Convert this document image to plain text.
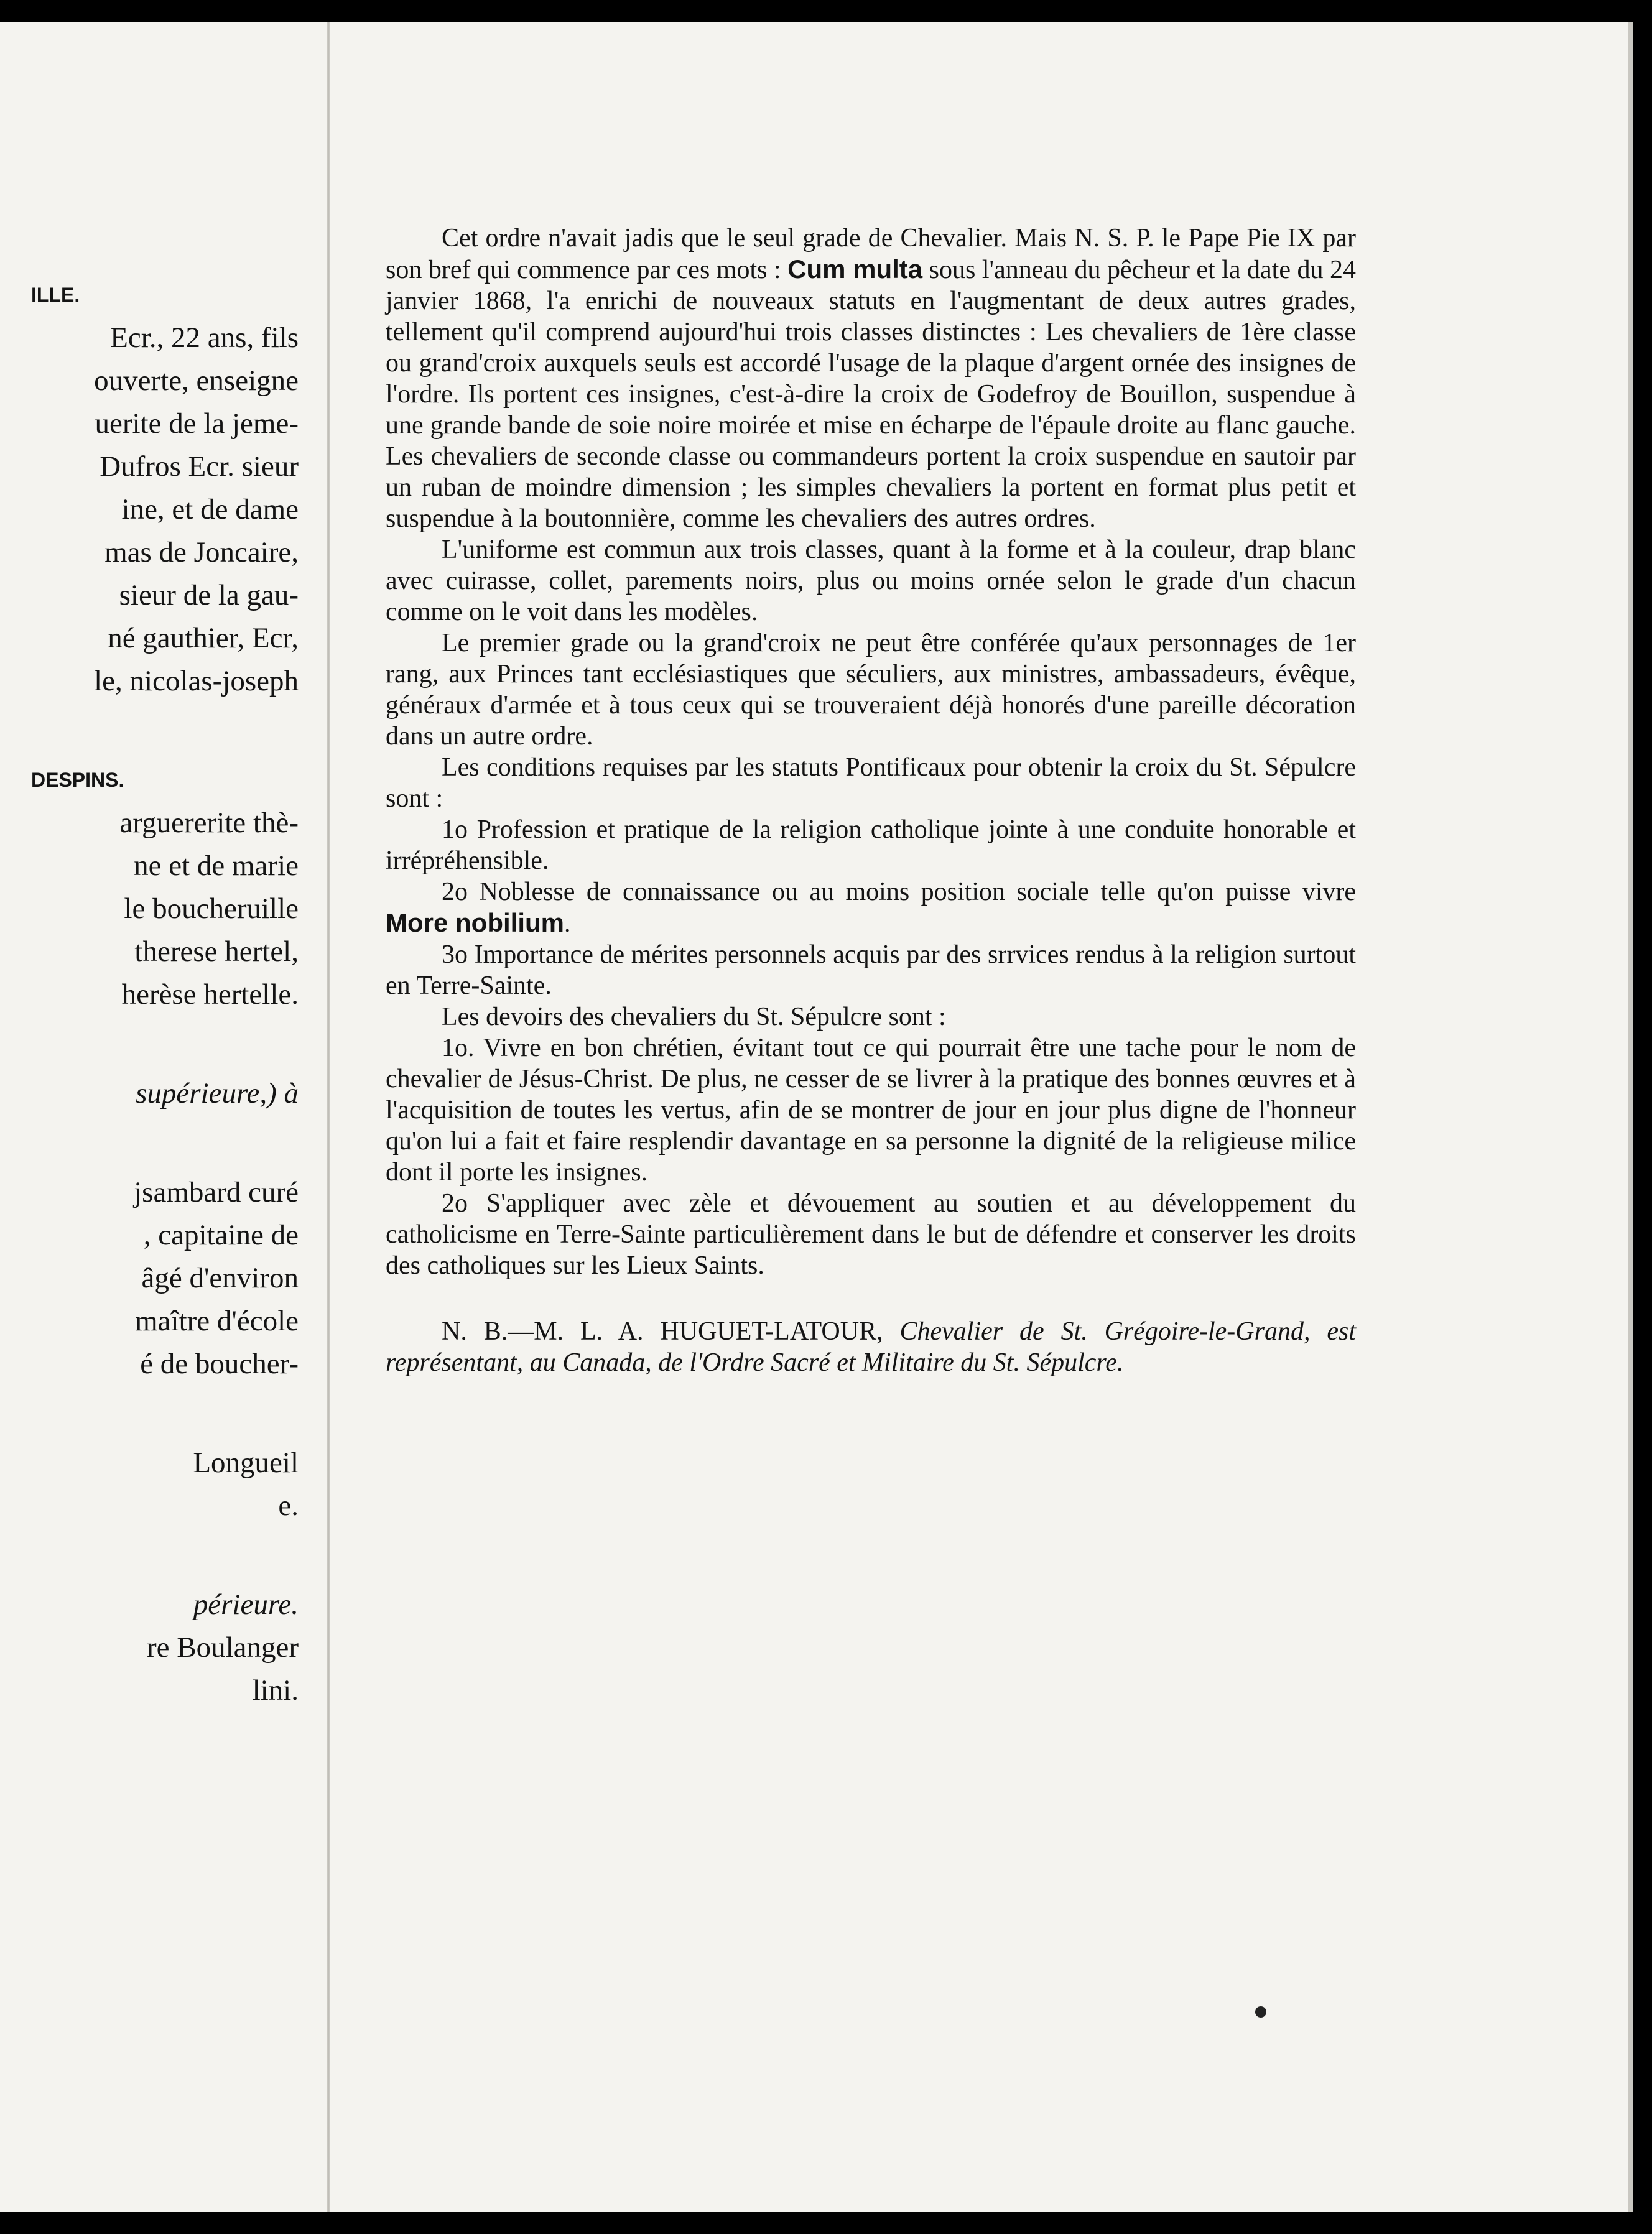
ILLE.
Ecr., 22 ans, fils
ouverte, enseigne
uerite de la jeme-
Dufros Ecr. sieur
ine, et de dame
mas de Joncaire,
sieur de la gau-
né gauthier, Ecr,
le, nicolas-joseph
DESPINS.
arguererite thè-
ne et de marie
le boucheruille
therese hertel,
herèse hertelle.
supérieure,) à
jsambard curé
, capitaine de
âgé d'environ
maître d'école
é de boucher-
Longueil
e.
périeure.
re Boulanger
lini.

Cet ordre n'avait jadis que le seul grade de Chevalier. Mais N. S. P. le Pape Pie IX par son bref qui commence par ces mots : Cum multa sous l'anneau du pêcheur et la date du 24 janvier 1868, l'a enrichi de nouveaux statuts en l'augmentant de deux autres grades, tellement qu'il comprend aujourd'hui trois classes distinctes : Les chevaliers de 1ère classe ou grand'croix auxquels seuls est accordé l'usage de la plaque d'argent ornée des insignes de l'ordre. Ils portent ces insignes, c'est-à-dire la croix de Godefroy de Bouillon, suspendue à une grande bande de soie noire moirée et mise en écharpe de l'épaule droite au flanc gauche. Les chevaliers de seconde classe ou commandeurs portent la croix suspendue en sautoir par un ruban de moindre dimension ; les simples chevaliers la portent en format plus petit et suspendue à la boutonnière, comme les chevaliers des autres ordres.

L'uniforme est commun aux trois classes, quant à la forme et à la couleur, drap blanc avec cuirasse, collet, parements noirs, plus ou moins ornée selon le grade d'un chacun comme on le voit dans les modèles.

Le premier grade ou la grand'croix ne peut être conférée qu'aux personnages de 1er rang, aux Princes tant ecclésiastiques que séculiers, aux ministres, ambassadeurs, évêque, généraux d'armée et à tous ceux qui se trouveraient déjà honorés d'une pareille décoration dans un autre ordre.

Les conditions requises par les statuts Pontificaux pour obtenir la croix du St. Sépulcre sont :

1o Profession et pratique de la religion catholique jointe à une conduite honorable et irrépréhensible.

2o Noblesse de connaissance ou au moins position sociale telle qu'on puisse vivre More nobilium.

3o Importance de mérites personnels acquis par des srrvices rendus à la religion surtout en Terre-Sainte.

Les devoirs des chevaliers du St. Sépulcre sont :

1o. Vivre en bon chrétien, évitant tout ce qui pourrait être une tache pour le nom de chevalier de Jésus-Christ. De plus, ne cesser de se livrer à la pratique des bonnes œuvres et à l'acquisition de toutes les vertus, afin de se montrer de jour en jour plus digne de l'honneur qu'on lui a fait et faire resplendir davantage en sa personne la dignité de la religieuse milice dont il porte les insignes.

2o S'appliquer avec zèle et dévouement au soutien et au développement du catholicisme en Terre-Sainte particulièrement dans le but de défendre et conserver les droits des catholiques sur les Lieux Saints.

N. B.—M. L. A. HUGUET-LATOUR, Chevalier de St. Grégoire-le-Grand, est représentant, au Canada, de l'Ordre Sacré et Militaire du St. Sépulcre.
